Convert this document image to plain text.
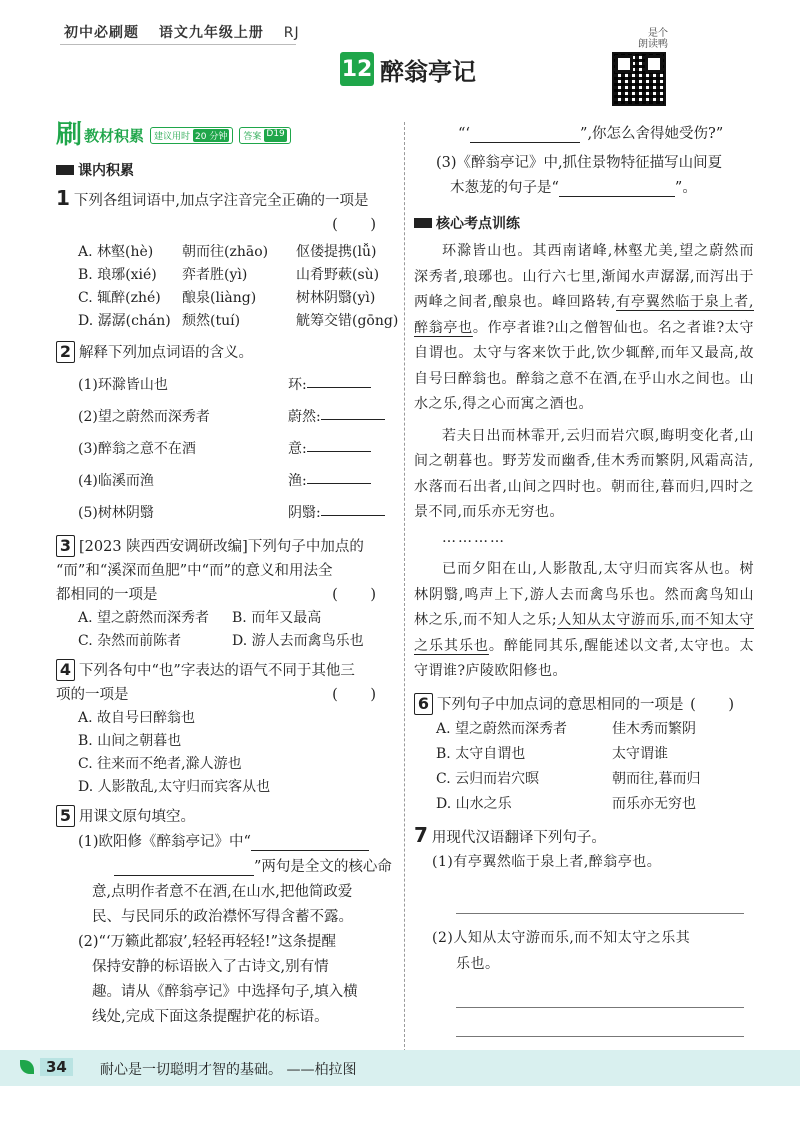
初中必刷题 语文九年级上册 RJ
12 醉翁亭记
是个
朗读鸭
刷 教材积累 建议用时 20 分钟 答案 D19
课内积累
1 下列各组词语中,加点字注音完全正确的一项是
( )
A. 林壑(hè)	朝而往(zhāo)	伛偻提携(lǚ)
B. 琅琊(xié)	弈者胜(yì)	山肴野蔌(sù)
C. 辄醉(zhé)	酿泉(liàng)	树林阴翳(yì)
D. 潺潺(chán) 颓然(tuí)	觥筹交错(gōng)
2 解释下列加点词语的含义。
(1)环滁皆山也	环:
(2)望之蔚然而深秀者	蔚然:
(3)醉翁之意不在酒	意:
(4)临溪而渔	渔:
(5)树林阴翳	阴翳:
3 [2023 陕西西安调研改编]下列句子中加点的
“而”和“溪深而鱼肥”中“而”的意义和用法全
都相同的一项是	( )
A. 望之蔚然而深秀者	B. 而年又最高
C. 杂然而前陈者	D. 游人去而禽鸟乐也
4 下列各句中“也”字表达的语气不同于其他三
项的一项是	( )
A. 故自号曰醉翁也
B. 山间之朝暮也
C. 往来而不绝者,滁人游也
D. 人影散乱,太守归而宾客从也
5 用课文原句填空。
(1)欧阳修《醉翁亭记》中“
”两句是全文的核心命
意,点明作者意不在酒,在山水,把他简政爱
民、与民同乐的政治襟怀写得含蓄不露。
(2)“‘万籁此都寂’,轻轻再轻轻!”这条提醒
保持安静的标语嵌入了古诗文,别有情
趣。请从《醉翁亭记》中选择句子,填入横
线处,完成下面这条提醒护花的标语。
“‘	”,你怎么舍得她受伤?”
(3)《醉翁亭记》中,抓住景物特征描写山间夏
木葱茏的句子是“	”。
核心考点训练

环滁皆山也。其西南诸峰,林壑尤美,望之蔚然而深秀者,琅琊也。山行六七里,渐闻水声潺潺,而泻出于两峰之间者,酿泉也。峰回路转,有亭翼然临于泉上者,醉翁亭也。作亭者谁?山之僧智仙也。名之者谁?太守自谓也。太守与客来饮于此,饮少辄醉,而年又最高,故自号曰醉翁也。醉翁之意不在酒,在乎山水之间也。山水之乐,得之心而寓之酒也。

若夫日出而林霏开,云归而岩穴暝,晦明变化者,山间之朝暮也。野芳发而幽香,佳木秀而繁阴,风霜高洁,水落而石出者,山间之四时也。朝而往,暮而归,四时之景不同,而乐亦无穷也。

…………

已而夕阳在山,人影散乱,太守归而宾客从也。树林阴翳,鸣声上下,游人去而禽鸟乐也。然而禽鸟知山林之乐,而不知人之乐;人知从太守游而乐,而不知太守之乐其乐也。醉能同其乐,醒能述以文者,太守也。太守谓谁?庐陵欧阳修也。

6 下列句子中加点词的意思相同的一项是 ( )
A. 望之蔚然而深秀者	佳木秀而繁阴
B. 太守自谓也	太守谓谁
C. 云归而岩穴暝	朝而往,暮而归
D. 山水之乐	而乐亦无穷也
7 用现代汉语翻译下列句子。
(1)有亭翼然临于泉上者,醉翁亭也。
(2)人知从太守游而乐,而不知太守之乐其
乐也。
34	耐心是一切聪明才智的基础。 ——柏拉图
